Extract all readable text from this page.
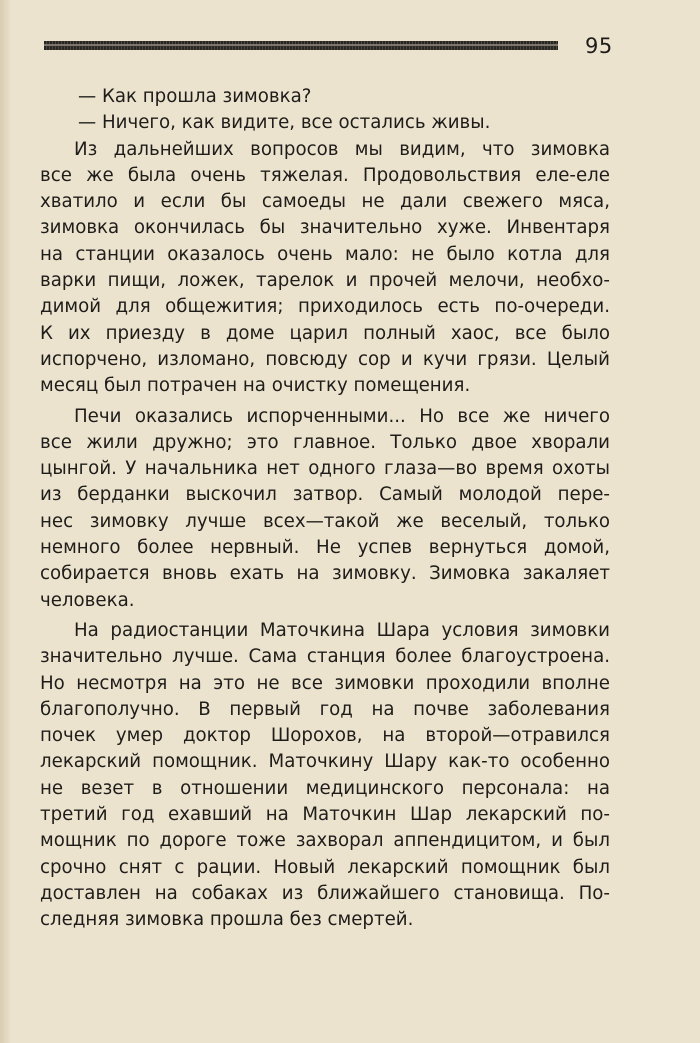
95
— Как прошла зимовка?
— Ничего, как видите, все остались живы.
Из дальнейших вопросов мы видим, что зимовка
все же была очень тяжелая. Продовольствия еле-еле
хватило и если бы самоеды не дали свежего мяса,
зимовка окончилась бы значительно хуже. Инвентаря
на станции оказалось очень мало: не было котла для
варки пищи, ложек, тарелок и прочей мелочи, необхо-
димой для общежития; приходилось есть по-очереди.
К их приезду в доме царил полный хаос, все было
испорчено, изломано, повсюду сор и кучи грязи. Целый
месяц был потрачен на очистку помещения.
Печи оказались испорченными... Но все же ничего
все жили дружно; это главное. Только двое хворали
цынгой. У начальника нет одного глаза—во время охоты
из берданки выскочил затвор. Самый молодой пере-
нес зимовку лучше всех—такой же веселый, только
немного более нервный. Не успев вернуться домой,
собирается вновь ехать на зимовку. Зимовка закаляет
человека.
На радиостанции Маточкина Шара условия зимовки
значительно лучше. Сама станция более благоустроена.
Но несмотря на это не все зимовки проходили вполне
благополучно. В первый год на почве заболевания
почек умер доктор Шорохов, на второй—отравился
лекарский помощник. Маточкину Шару как-то особенно
не везет в отношении медицинского персонала: на
третий год ехавший на Маточкин Шар лекарский по-
мощник по дороге тоже захворал аппендицитом, и был
срочно снят с рации. Новый лекарский помощник был
доставлен на собаках из ближайшего становища. По-
следняя зимовка прошла без смертей.
